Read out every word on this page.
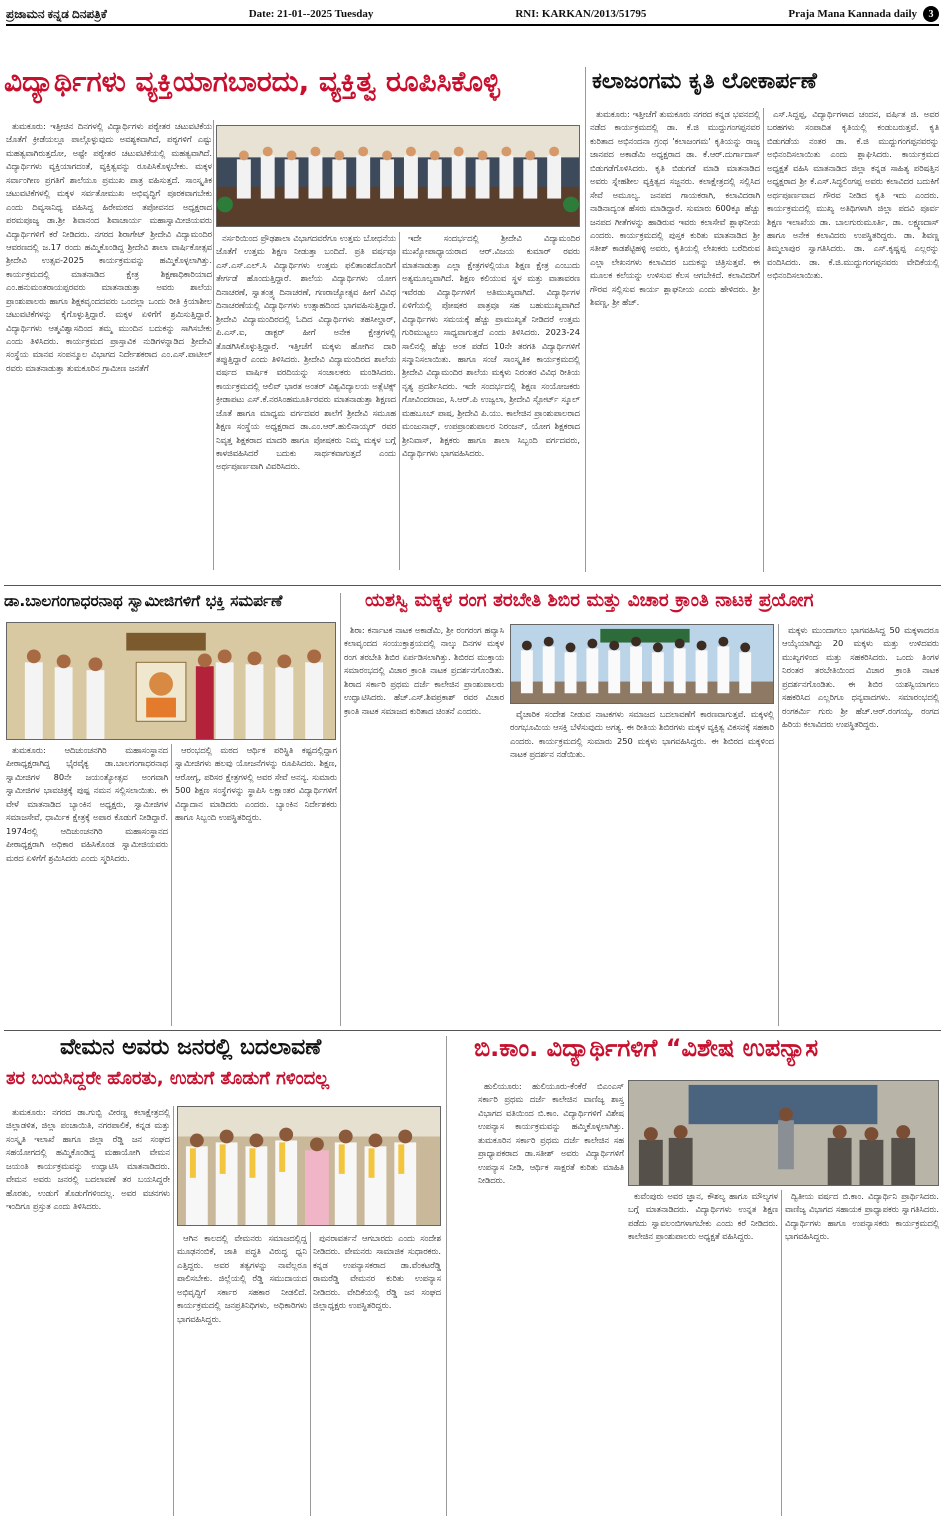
ಪ್ರಜಾಮನ ಕನ್ನಡ ದಿನಪತ್ರಿಕೆ	Date: 21-01--2025 Tuesday	RNI: KARKAN/2013/51795	Praja Mana Kannada daily	3
ವಿದ್ಯಾರ್ಥಿಗಳು ವ್ಯಕ್ತಿಯಾಗಬಾರದು, ವ್ಯಕ್ತಿತ್ವ ರೂಪಿಸಿಕೊಳ್ಳಿ

ತುಮಕೂರು: ಇತ್ತೀಚಿನ ದಿನಗಳಲ್ಲಿ ವಿದ್ಯಾರ್ಥಿಗಳು ಪಠ್ಯೇತರ ಚಟುವಟಿಕೆಯ ಜೊತೆಗೆ ಕ್ರೀಡೆಯಲ್ಲೂ ಪಾಲ್ಗೊಳ್ಳುವುದು ಅವಶ್ಯಕವಾಗಿದೆ, ಪಠ್ಯಗಳಿಗೆ ಎಷ್ಟು ಮಹತ್ವವಾಗಿರುತ್ತದೋ, ಅಷ್ಟೇ ಪಠ್ಯೇತರ ಚಟುವಟಿಕೆಯಲ್ಲಿ ಮಹತ್ವವಾಗಿದೆ. ವಿದ್ಯಾರ್ಥಿಗಳು ವ್ಯಕ್ತಿಯಾಗದಂತೆ, ವ್ಯಕ್ತಿತ್ವವನ್ನು ರೂಪಿಸಿಕೊಳ್ಳಬೇಕು. ಮಕ್ಕಳ ಸರ್ವಾಂಗೀಣ ಪ್ರಗತಿಗೆ ಶಾಲೆಯೂ ಪ್ರಮುಖ ಪಾತ್ರ ವಹಿಸುತ್ತದೆ. ಸಾಂಸ್ಕೃತಿಕ ಚಟುವಟಿಕೆಗಳಲ್ಲಿ ಮಕ್ಕಳ ಸರ್ವತೋಮುಖ ಅಭಿವೃದ್ಧಿಗೆ ಪೂರಕವಾಗಬೇಕು ಎಂದು ದಿವ್ಯಸಾನಿಧ್ಯ ವಹಿಸಿದ್ದ ಹಿರೇಮಠದ ತಪೋವನದ ಅಧ್ಯಕ್ಷರಾದ ಪರಮಪೂಜ್ಯ ಡಾ.ಶ್ರೀ ಶಿವಾನಂದ ಶಿವಾಚಾರ್ಯ ಮಹಾಸ್ವಾಮೀಜಿಯವರು ವಿದ್ಯಾರ್ಥಿಗಳಿಗೆ ಕರೆ ನೀಡಿದರು. ನಗರದ ಶಿರಾಗೇಟ್ ಶ್ರೀದೇವಿ ವಿದ್ಯಾಮಂದಿರ ಆವರಣದಲ್ಲಿ ಜ.17 ರಂದು ಹಮ್ಮಿಕೊಂಡಿದ್ದ ಶ್ರೀದೇವಿ ಶಾಲಾ ವಾರ್ಷಿಕೋತ್ಸವ ಶ್ರೀದೇವಿ ಉತ್ಸವ-2025 ಕಾರ್ಯಕ್ರಮವನ್ನು ಹಮ್ಮಿಕೊಳ್ಳಲಾಗಿತ್ತು. ಕಾರ್ಯಕ್ರಮದಲ್ಲಿ ಮಾತನಾಡಿದ ಕ್ಷೇತ್ರ ಶಿಕ್ಷಣಾಧಿಕಾರಿಯಾದ ಎಂ.ಹನುಮಂತರಾಯಪ್ಪರವರು ಮಾತನಾಡುತ್ತಾ ಅವರು ಶಾಲೆಯ ಪ್ರಾಂಶುಪಾಲರು ಹಾಗೂ ಶಿಕ್ಷಕವೃಂದದವರು ಒಂದಲ್ಲಾ ಒಂದು ರೀತಿ ಕ್ರಿಯಾಶೀಲ ಚಟುವಟಿಕೆಗಳನ್ನು ಕೈಗೊಳ್ಳುತ್ತಿದ್ದಾರೆ. ಮಕ್ಕಳ ಏಳಿಗೆಗೆ ಶ್ರಮಿಸುತ್ತಿದ್ದಾರೆ. ವಿದ್ಯಾರ್ಥಿಗಳು ಆತ್ಮವಿಶ್ವಾಸದಿಂದ ತಮ್ಮ ಮುಂದಿನ ಬದುಕನ್ನು ಸಾಗಿಸಬೇಕು ಎಂದು ತಿಳಿಸಿದರು. ಕಾರ್ಯಕ್ರಮದ ಪ್ರಾಸ್ತಾವಿಕ ನುಡಿಗಳನ್ನಾಡಿದ ಶ್ರೀದೇವಿ ಸಂಸ್ಥೆಯ ಮಾನವ ಸಂಪನ್ಮೂಲ ವಿಭಾಗದ ನಿರ್ದೇಶಕರಾದ ಎಂ.ಎಸ್.ಪಾಟೀಲ್ ರವರು ಮಾತನಾಡುತ್ತಾ ತುಮಕೂರಿನ ಗ್ರಾಮೀಣ ಜನತೆಗೆ

ನರ್ಸರಿಯಿಂದ ಪ್ರೌಢಶಾಲಾ ವಿಭಾಗದವರೆಗೂ ಉತ್ತಮ ಬೋಧನೆಯ ಜೊತೆಗೆ ಉತ್ತಮ ಶಿಕ್ಷಣ ನೀಡುತ್ತಾ ಬಂದಿದೆ. ಪ್ರತಿ ವರ್ಷವೂ ಎಸ್.ಎಸ್.ಎಲ್.ಸಿ ವಿದ್ಯಾರ್ಥಿಗಳು ಉತ್ತಮ ಫಲಿತಾಂಶದೊಂದಿಗೆ ತೇರ್ಗಡೆ ಹೊಂದುತ್ತಿದ್ದಾರೆ. ಶಾಲೆಯ ವಿದ್ಯಾರ್ಥಿಗಳು ಯೋಗ ದಿನಾಚರಣೆ, ಸ್ವಾತಂತ್ರ್ಯ ದಿನಾಚರಣೆ, ಗಣರಾಜ್ಯೋತ್ಸವ ಹೀಗೆ ವಿವಿಧ ದಿನಾಚರಣೆಯಲ್ಲಿ ವಿದ್ಯಾರ್ಥಿಗಳು ಉತ್ಸಾಹದಿಂದ ಭಾಗವಹಿಸುತ್ತಿದ್ದಾರೆ. ಶ್ರೀದೇವಿ ವಿದ್ಯಾಮಂದಿರದಲ್ಲಿ ಓದಿದ ವಿದ್ಯಾರ್ಥಿಗಳು ತಹಸೀಲ್ದಾರ್, ಪಿ.ಎಸ್.ಐ, ಡಾಕ್ಟರ್ ಹೀಗೆ ಅನೇಕ ಕ್ಷೇತ್ರಗಳಲ್ಲಿ ತೊಡಗಿಸಿಕೊಳ್ಳುತ್ತಿದ್ದಾರೆ. ಇತ್ತೀಚೆಗೆ ಮಕ್ಕಳು ಹೋಗಿನ ದಾರಿ ತಪ್ಪುತ್ತಿದ್ದಾರೆ ಎಂದು ತಿಳಿಸಿದರು. ಶ್ರೀದೇವಿ ವಿದ್ಯಾಮಂದಿರದ ಶಾಲೆಯ ವರ್ಷದ ವಾರ್ಷಿಕ ವರದಿಯನ್ನು ಸಂಚಾಲಕರು ಮಂಡಿಸಿದರು. ಕಾರ್ಯಕ್ರಮದಲ್ಲಿ ಆಲಿವ್ ಭಾರತ ಅಂತರ್ ವಿಶ್ವವಿದ್ಯಾಲಯ ಅತ್ಲೆಟಿಕ್ಸ್ ಕ್ರೀಡಾಪಟು ಎಸ್.ಕೆ.ನರಸಿಂಹಮೂರ್ತಿರವರು ಮಾತನಾಡುತ್ತಾ ಶಿಕ್ಷಣದ ಜೊತೆ ಹಾಗೂ ಮಾಧ್ಯಮ ವರ್ಗದವರ ಶಾಲೆಗೆ ಶ್ರೀದೇವಿ ಸಮೂಹ ಶಿಕ್ಷಣ ಸಂಸ್ಥೆಯ ಅಧ್ಯಕ್ಷರಾದ ಡಾ.ಎಂ.ಆರ್.ಹುಲಿನಾಯ್ಕರ್ ರವರ ನಿವೃತ್ತ ಶಿಕ್ಷಕರಾದ ಮಾದರಿ ಹಾಗೂ ಪೋಷಕರು ನಿಮ್ಮ ಮಕ್ಕಳ ಬಗ್ಗೆ ಕಾಳಜಿವಹಿಸಿದರೆ ಬದುಕು ಸಾರ್ಥಕವಾಗುತ್ತದೆ ಎಂದು ಅರ್ಥಪೂರ್ಣವಾಗಿ ವಿವರಿಸಿದರು.

ಇದೇ ಸಂದರ್ಭದಲ್ಲಿ ಶ್ರೀದೇವಿ ವಿದ್ಯಾಮಂದಿರ ಮುಖ್ಯೋಪಾಧ್ಯಾಯರಾದ ಆರ್.ವಿಜಯ ಕುಮಾರ್ ರವರು ಮಾತನಾಡುತ್ತಾ ಎಲ್ಲಾ ಕ್ಷೇತ್ರಗಳಲ್ಲಿಯೂ ಶಿಕ್ಷಣ ಕ್ಷೇತ್ರ ಎಂಬುದು ಅತ್ಯಮೂಲ್ಯವಾಗಿದೆ. ಶಿಕ್ಷಣ ಕಲಿಯುವ ಸ್ಥಳ ಮತ್ತು ವಾತಾವರಣ ಇವೆರಡು ವಿದ್ಯಾರ್ಥಿಗಳಿಗೆ ಅತಿಮುಖ್ಯವಾಗಿದೆ. ವಿದ್ಯಾರ್ಥಿಗಳ ಏಳಿಗೆಯಲ್ಲಿ ಪೋಷಕರ ಪಾತ್ರವೂ ಸಹ ಬಹುಮುಖ್ಯವಾಗಿದೆ ವಿದ್ಯಾರ್ಥಿಗಳು ಸಮಯಕ್ಕೆ ಹೆಚ್ಚು ಪ್ರಾಮುಖ್ಯತೆ ನೀಡಿದರೆ ಉತ್ತಮ ಗುರಿಮುಟ್ಟಲು ಸಾಧ್ಯವಾಗುತ್ತದೆ ಎಂದು ತಿಳಿಸಿದರು. 2023-24 ಸಾಲಿನಲ್ಲಿ ಹೆಚ್ಚು ಅಂಕ ಪಡೆದ 10ನೇ ತರಗತಿ ವಿದ್ಯಾರ್ಥಿಗಳಿಗೆ ಸನ್ಮಾನಿಸಲಾಯಿತು. ಹಾಗೂ ಸಂಜೆ ಸಾಂಸ್ಕೃತಿಕ ಕಾರ್ಯಕ್ರಮದಲ್ಲಿ ಶ್ರೀದೇವಿ ವಿದ್ಯಾಮಂದಿರ ಶಾಲೆಯ ಮಕ್ಕಳು ನಿರಂತರ ವಿವಿಧ ರೀತಿಯ ನೃತ್ಯ ಪ್ರದರ್ಶಿಸಿದರು. ಇದೇ ಸಂದರ್ಭದಲ್ಲಿ ಶಿಕ್ಷಣ ಸಂಯೋಜಕರು ಗೋವಿಂದರಾಜು, ಸಿ.ಆರ್.ಪಿ ಉಜ್ವಲಾ, ಶ್ರೀದೇವಿ ಸ್ಪೋರ್ಟ್ ಸ್ಕೂಲ್ ಮಹಬೂಬ್ ಪಾಷ, ಶ್ರೀದೇವಿ ಪಿ.ಯು. ಕಾಲೇಜಿನ ಪ್ರಾಂಶುಪಾಲರಾದ ಮಂಜುನಾಥ್, ಉಪಪ್ರಾಂಶುಪಾಲರ ನಿರಂಜನ್, ಯೋಗ ಶಿಕ್ಷಕರಾದ ಶ್ರೀನಿವಾಸ್, ಶಿಕ್ಷಕರು ಹಾಗೂ ಶಾಲಾ ಸಿಬ್ಬಂದಿ ವರ್ಗದವರು, ವಿದ್ಯಾರ್ಥಿಗಳು ಭಾಗವಹಿಸಿದರು.

ಕಲಾಜಂಗಮ ಕೃತಿ ಲೋಕಾರ್ಪಣೆ

ತುಮಕೂರು: ಇತ್ತೀಚೆಗೆ ತುಮಕೂರು ನಗರದ ಕನ್ನಡ ಭವನದಲ್ಲಿ ನಡೆದ ಕಾರ್ಯಕ್ರಮದಲ್ಲಿ ಡಾ. ಕೆ.ಜಿ ಮುದ್ದುಗಂಗಪ್ಪನವರ ಕುರಿತಾದ ಅಭಿನಂದನಾ ಗ್ರಂಥ 'ಕಲಾಜಂಗಮ' ಕೃತಿಯನ್ನು ರಾಜ್ಯ ಜಾನಪದ ಅಕಾಡೆಮಿ ಅಧ್ಯಕ್ಷರಾದ ಡಾ. ಕೆ.ಆರ್.ದುರ್ಗಾದಾಸ್ ಬಿಡುಗಡೆಗೊಳಿಸಿದರು. ಕೃತಿ ಬಿಡುಗಡೆ ಮಾಡಿ ಮಾತನಾಡಿದ ಅವರು ಸ್ನೇಹಶೀಲ ವ್ಯಕ್ತಿತ್ವದ ಸಜ್ಜನರು. ಕಲಾಕ್ಷೇತ್ರದಲ್ಲಿ ಸಲ್ಲಿಸಿದ ಸೇವೆ ಅಮೂಲ್ಯ. ಜನಪದ ಗಾಯಕರಾಗಿ, ಕಲಾವಿದರಾಗಿ ನಾಡಿನಾದ್ಯಂತ ಹೆಸರು ಮಾಡಿದ್ದಾರೆ. ಸುಮಾರು 600ಕ್ಕೂ ಹೆಚ್ಚು ಜನಪದ ಗೀತೆಗಳನ್ನು ಹಾಡಿರುವ ಇವರು ಕಲಾಸೇವೆ ಶ್ಲಾಘನೀಯ ಎಂದರು. ಕಾರ್ಯಕ್ರಮದಲ್ಲಿ ಪುಸ್ತಕ ಕುರಿತು ಮಾತನಾಡಿದ ಶ್ರೀ ಸತೀಶ್ ಕಾಡಶೆಟ್ಟಿಹಳ್ಳಿ ಅವರು, ಕೃತಿಯಲ್ಲಿ ಲೇಖಕರು ಬರೆದಿರುವ ಎಲ್ಲಾ ಲೇಖನಗಳು ಕಲಾವಿದರ ಬದುಕನ್ನು ಚಿತ್ರಿಸುತ್ತವೆ. ಈ ಮೂಲಕ ಕಲೆಯನ್ನು ಉಳಿಸುವ ಕೆಲಸ ಆಗಬೇಕಿದೆ. ಕಲಾವಿದರಿಗೆ ಗೌರವ ಸಲ್ಲಿಸುವ ಕಾರ್ಯ ಶ್ಲಾಘನೀಯ ಎಂದು ಹೇಳಿದರು. ಶ್ರೀ ಶಿವಣ್ಣ, ಶ್ರೀ ಹೆಚ್.

ಎಸ್.ಸಿದ್ದಪ್ಪ, ವಿದ್ಯಾರ್ಥಿಗಳಾದ ಚಂದನ, ವರ್ಷಿತ ಜಿ. ಅವರ ಬರಹಗಳು ಸಂಪಾದಿತ ಕೃತಿಯಲ್ಲಿ ಕಂಡುಬರುತ್ತವೆ. ಕೃತಿ ಬಿಡುಗಡೆಯ ನಂತರ ಡಾ. ಕೆ.ಜಿ ಮುದ್ದುಗಂಗಪ್ಪನವರನ್ನು ಅಭಿನಂದಿಸಲಾಯಿತು ಎಂದು ಶ್ಲಾಘಿಸಿದರು. ಕಾರ್ಯಕ್ರಮದ ಅಧ್ಯಕ್ಷತೆ ವಹಿಸಿ ಮಾತನಾಡಿದ ಜಿಲ್ಲಾ ಕನ್ನಡ ಸಾಹಿತ್ಯ ಪರಿಷತ್ತಿನ ಅಧ್ಯಕ್ಷರಾದ ಶ್ರೀ ಕೆ.ಎಸ್.ಸಿದ್ಧಲಿಂಗಪ್ಪ ಅವರು ಕಲಾವಿದರ ಬದುಕಿಗೆ ಅರ್ಥಪೂರ್ಣವಾದ ಗೌರವ ನೀಡಿದ ಕೃತಿ ಇದು ಎಂದರು. ಕಾರ್ಯಕ್ರಮದಲ್ಲಿ ಮುಖ್ಯ ಅತಿಥಿಗಳಾಗಿ ಜಿಲ್ಲಾ ಪದವಿ ಪೂರ್ವ ಶಿಕ್ಷಣ ಇಲಾಖೆಯ ಡಾ. ಬಾಲಗುರುಮೂರ್ತಿ, ಡಾ. ಲಕ್ಷ್ಮಣದಾಸ್ ಹಾಗೂ ಅನೇಕ ಕಲಾವಿದರು ಉಪಸ್ಥಿತರಿದ್ದರು. ಡಾ. ಶಿವಣ್ಣ ತಿಮ್ಮಲಾಪುರ ಸ್ವಾಗತಿಸಿದರು. ಡಾ. ಎಸ್.ಕೃಷ್ಣಪ್ಪ ಎಲ್ಲರನ್ನು ವಂದಿಸಿದರು. ಡಾ. ಕೆ.ಜಿ.ಮುದ್ದುಗಂಗಪ್ಪನವರು ವೇದಿಕೆಯಲ್ಲಿ ಅಭಿನಂದಿಸಲಾಯಿತು.

ಡಾ.ಬಾಲಗಂಗಾಧರನಾಥ ಸ್ವಾಮೀಜಿಗಳಿಗೆ ಭಕ್ತಿ ಸಮರ್ಪಣೆ

ತುಮಕೂರು: ಆದಿಚುಂಚನಗಿರಿ ಮಹಾಸಂಸ್ಥಾನದ ಪೀಠಾಧ್ಯಕ್ಷರಾಗಿದ್ದ ಭೈರವೈಕ್ಯ ಡಾ.ಬಾಲಗಂಗಾಧರನಾಥ ಸ್ವಾಮೀಜಿಗಳ 80ನೇ ಜಯಂತ್ಯೋತ್ಸವ ಅಂಗವಾಗಿ ಸ್ವಾಮೀಜಿಗಳ ಭಾವಚಿತ್ರಕ್ಕೆ ಪುಷ್ಪ ನಮನ ಸಲ್ಲಿಸಲಾಯಿತು. ಈ ವೇಳೆ ಮಾತನಾಡಿದ ಬ್ಯಾಂಕಿನ ಅಧ್ಯಕ್ಷರು, ಸ್ವಾಮೀಜಿಗಳ ಸಮಾಜಸೇವೆ, ಧಾರ್ಮಿಕ ಕ್ಷೇತ್ರಕ್ಕೆ ಅಪಾರ ಕೊಡುಗೆ ನೀಡಿದ್ದಾರೆ. 1974ರಲ್ಲಿ ಆದಿಚುಂಚನಗಿರಿ ಮಹಾಸಂಸ್ಥಾನದ ಪೀಠಾಧ್ಯಕ್ಷರಾಗಿ ಅಧಿಕಾರ ವಹಿಸಿಕೊಂಡ ಸ್ವಾಮೀಜಿಯವರು ಮಠದ ಏಳಿಗೆಗೆ ಶ್ರಮಿಸಿದರು ಎಂದು ಸ್ಮರಿಸಿದರು.

ಆರಂಭದಲ್ಲಿ ಮಠದ ಆರ್ಥಿಕ ಪರಿಸ್ಥಿತಿ ಕಷ್ಟದಲ್ಲಿದ್ದಾಗ ಸ್ವಾಮೀಜಿಗಳು ಹಲವು ಯೋಜನೆಗಳನ್ನು ರೂಪಿಸಿದರು. ಶಿಕ್ಷಣ, ಆರೋಗ್ಯ, ಪರಿಸರ ಕ್ಷೇತ್ರಗಳಲ್ಲಿ ಅವರ ಸೇವೆ ಅನನ್ಯ. ಸುಮಾರು 500 ಶಿಕ್ಷಣ ಸಂಸ್ಥೆಗಳನ್ನು ಸ್ಥಾಪಿಸಿ ಲಕ್ಷಾಂತರ ವಿದ್ಯಾರ್ಥಿಗಳಿಗೆ ವಿದ್ಯಾದಾನ ಮಾಡಿದರು ಎಂದರು. ಬ್ಯಾಂಕಿನ ನಿರ್ದೇಶಕರು ಹಾಗೂ ಸಿಬ್ಬಂದಿ ಉಪಸ್ಥಿತರಿದ್ದರು.

ಯಶಸ್ವಿ ಮಕ್ಕಳ ರಂಗ ತರಬೇತಿ ಶಿಬಿರ ಮತ್ತು ವಿಚಾರ ಕ್ರಾಂತಿ ನಾಟಕ ಪ್ರಯೋಗ

ಶಿರಾ: ಕರ್ನಾಟಕ ನಾಟಕ ಅಕಾಡೆಮಿ, ಶ್ರೀ ರಂಗರಂಗ ಹವ್ಯಾಸಿ ಕಲಾವೃಂದದ ಸಂಯುಕ್ತಾಶ್ರಯದಲ್ಲಿ ನಾಲ್ಕು ದಿನಗಳ ಮಕ್ಕಳ ರಂಗ ತರಬೇತಿ ಶಿಬಿರ ಏರ್ಪಡಿಸಲಾಗಿತ್ತು. ಶಿಬಿರದ ಮುಕ್ತಾಯ ಸಮಾರಂಭದಲ್ಲಿ ವಿಚಾರ ಕ್ರಾಂತಿ ನಾಟಕ ಪ್ರದರ್ಶನಗೊಂಡಿತು. ಶಿರಾದ ಸರ್ಕಾರಿ ಪ್ರಥಮ ದರ್ಜೆ ಕಾಲೇಜಿನ ಪ್ರಾಂಶುಪಾಲರು ಉದ್ಘಾಟಿಸಿದರು. ಹೆಚ್.ಎಸ್.ಶಿವಪ್ರಕಾಶ್ ರವರ ವಿಚಾರ ಕ್ರಾಂತಿ ನಾಟಕ ಸಮಾಜದ ಕುರಿತಾದ ಚಿಂತನೆ ಎಂದರು.	ವೈಚಾರಿಕ ಸಂದೇಶ ನೀಡುವ ನಾಟಕಗಳು ಸಮಾಜದ ಬದಲಾವಣೆಗೆ ಕಾರಣವಾಗುತ್ತವೆ. ಮಕ್ಕಳಲ್ಲಿ ರಂಗಭೂಮಿಯ ಆಸಕ್ತಿ ಬೆಳೆಸುವುದು ಅಗತ್ಯ. ಈ ರೀತಿಯ ಶಿಬಿರಗಳು ಮಕ್ಕಳ ವ್ಯಕ್ತಿತ್ವ ವಿಕಸನಕ್ಕೆ ಸಹಕಾರಿ ಎಂದರು. ಕಾರ್ಯಕ್ರಮದಲ್ಲಿ ಸುಮಾರು 250 ಮಕ್ಕಳು ಭಾಗವಹಿಸಿದ್ದರು. ಈ ಶಿಬಿರದ ಮಕ್ಕಳಿಂದ ನಾಟಕ ಪ್ರದರ್ಶನ ನಡೆಯಿತು.

ಮಕ್ಕಳು ಮುಂದಾಗಲು ಭಾಗವಹಿಸಿದ್ದ 50 ಮಕ್ಕಳಾದರೂ ಆಯ್ಕೆಯಾಗಿದ್ದು 20 ಮಕ್ಕಳು ಮತ್ತು ಉಳಿದವರು ಮುಖ್ಯಗಳಿಂದ ಮತ್ತು ಸಹಕರಿಸಿದರು. ಒಂದು ತಿಂಗಳ ನಿರಂತರ ತರಬೇತಿಯಿಂದ ವಿಚಾರ ಕ್ರಾಂತಿ ನಾಟಕ ಪ್ರದರ್ಶನಗೊಂಡಿತು. ಈ ಶಿಬಿರ ಯಶಸ್ವಿಯಾಗಲು ಸಹಕರಿಸಿದ ಎಲ್ಲರಿಗೂ ಧನ್ಯವಾದಗಳು. ಸಮಾರಂಭದಲ್ಲಿ ರಂಗಕರ್ಮಿ ಗುರು ಶ್ರೀ ಹೆಚ್.ಆರ್.ರಂಗಯ್ಯ, ರಂಗದ ಹಿರಿಯ ಕಲಾವಿದರು ಉಪಸ್ಥಿತರಿದ್ದರು.

ವೇಮನ ಅವರು ಜನರಲ್ಲಿ ಬದಲಾವಣೆ
ತರ ಬಯಸಿದ್ದರೇ ಹೊರತು, ಉಡುಗೆ ತೊಡುಗೆ ಗಳಿಂದಲ್ಲ

ತುಮಕೂರು: ನಗರದ ಡಾ.ಗುಬ್ಬಿ ವೀರಣ್ಣ ಕಲಾಕ್ಷೇತ್ರದಲ್ಲಿ ಜಿಲ್ಲಾಡಳಿತ, ಜಿಲ್ಲಾ ಪಂಚಾಯಿತಿ, ನಗರಪಾಲಿಕೆ, ಕನ್ನಡ ಮತ್ತು ಸಂಸ್ಕೃತಿ ಇಲಾಖೆ ಹಾಗೂ ಜಿಲ್ಲಾ ರೆಡ್ಡಿ ಜನ ಸಂಘದ ಸಹಯೋಗದಲ್ಲಿ ಹಮ್ಮಿಕೊಂಡಿದ್ದ ಮಹಾಯೋಗಿ ವೇಮನ ಜಯಂತಿ ಕಾರ್ಯಕ್ರಮವನ್ನು ಉದ್ಘಾಟಿಸಿ ಮಾತನಾಡಿದರು. ವೇಮನ ಅವರು ಜನರಲ್ಲಿ ಬದಲಾವಣೆ ತರ ಬಯಸಿದ್ದರೇ ಹೊರತು, ಉಡುಗೆ ತೊಡುಗೆಗಳಿಂದಲ್ಲ. ಅವರ ವಚನಗಳು ಇಂದಿಗೂ ಪ್ರಸ್ತುತ ಎಂದು ತಿಳಿಸಿದರು.

ಆಗಿನ ಕಾಲದಲ್ಲಿ ವೇಮನರು ಸಮಾಜದಲ್ಲಿದ್ದ ಮೂಢನಂಬಿಕೆ, ಜಾತಿ ಪದ್ಧತಿ ವಿರುದ್ಧ ಧ್ವನಿ ಎತ್ತಿದ್ದರು. ಅವರ ತತ್ವಗಳನ್ನು ನಾವೆಲ್ಲರೂ ಪಾಲಿಸಬೇಕು. ಜಿಲ್ಲೆಯಲ್ಲಿ ರೆಡ್ಡಿ ಸಮುದಾಯದ ಅಭಿವೃದ್ಧಿಗೆ ಸರ್ಕಾರ ಸಹಕಾರ ನೀಡಲಿದೆ. ಕಾರ್ಯಕ್ರಮದಲ್ಲಿ ಜನಪ್ರತಿನಿಧಿಗಳು, ಅಧಿಕಾರಿಗಳು ಭಾಗವಹಿಸಿದ್ದರು.

ಪುನರಾವರ್ತನೆ ಆಗಬಾರದು ಎಂದು ಸಂದೇಶ ನೀಡಿದರು. ವೇಮನರು ಸಾಮಾಜಿಕ ಸುಧಾರಕರು. ಕನ್ನಡ ಉಪನ್ಯಾಸಕರಾದ ಡಾ.ವೆಂಕಟರೆಡ್ಡಿ ರಾಮರೆಡ್ಡಿ ವೇಮನರ ಕುರಿತು ಉಪನ್ಯಾಸ ನೀಡಿದರು. ವೇದಿಕೆಯಲ್ಲಿ ರೆಡ್ಡಿ ಜನ ಸಂಘದ ಜಿಲ್ಲಾಧ್ಯಕ್ಷರು ಉಪಸ್ಥಿತರಿದ್ದರು.

ಬಿ.ಕಾಂ. ವಿದ್ಯಾರ್ಥಿಗಳಿಗೆ “ವಿಶೇಷ ಉಪನ್ಯಾಸ

ಹುಲಿಯೂರು: ಹುಲಿಯೂರು-ಕೆಂಕೆರೆ ಬಿಎಂಎಸ್ ಸರ್ಕಾರಿ ಪ್ರಥಮ ದರ್ಜೆ ಕಾಲೇಜಿನ ವಾಣಿಜ್ಯ ಶಾಸ್ತ್ರ ವಿಭಾಗದ ವತಿಯಿಂದ ಬಿ.ಕಾಂ. ವಿದ್ಯಾರ್ಥಿಗಳಿಗೆ ವಿಶೇಷ ಉಪನ್ಯಾಸ ಕಾರ್ಯಕ್ರಮವನ್ನು ಹಮ್ಮಿಕೊಳ್ಳಲಾಗಿತ್ತು. ತುಮಕೂರಿನ ಸರ್ಕಾರಿ ಪ್ರಥಮ ದರ್ಜೆ ಕಾಲೇಜಿನ ಸಹ ಪ್ರಾಧ್ಯಾಪಕರಾದ ಡಾ.ಸತೀಶ್ ಅವರು ವಿದ್ಯಾರ್ಥಿಗಳಿಗೆ ಉಪನ್ಯಾಸ ನೀಡಿ, ಆರ್ಥಿಕ ಸಾಕ್ಷರತೆ ಕುರಿತು ಮಾಹಿತಿ ನೀಡಿದರು.

ಕುವೆಂಪುರು ಅವರ ಜ್ಞಾನ, ಕೌಶಲ್ಯ ಹಾಗೂ ಮೌಲ್ಯಗಳ ಬಗ್ಗೆ ಮಾತನಾಡಿದರು. ವಿದ್ಯಾರ್ಥಿಗಳು ಉನ್ನತ ಶಿಕ್ಷಣ ಪಡೆದು ಸ್ವಾವಲಂಬಿಗಳಾಗಬೇಕು ಎಂದು ಕರೆ ನೀಡಿದರು. ಕಾಲೇಜಿನ ಪ್ರಾಂಶುಪಾಲರು ಅಧ್ಯಕ್ಷತೆ ವಹಿಸಿದ್ದರು.

ದ್ವಿತೀಯ ವರ್ಷದ ಬಿ.ಕಾಂ. ವಿದ್ಯಾರ್ಥಿನಿ ಪ್ರಾರ್ಥಿಸಿದರು. ವಾಣಿಜ್ಯ ವಿಭಾಗದ ಸಹಾಯಕ ಪ್ರಾಧ್ಯಾಪಕರು ಸ್ವಾಗತಿಸಿದರು. ವಿದ್ಯಾರ್ಥಿಗಳು ಹಾಗೂ ಉಪನ್ಯಾಸಕರು ಕಾರ್ಯಕ್ರಮದಲ್ಲಿ ಭಾಗವಹಿಸಿದ್ದರು.
